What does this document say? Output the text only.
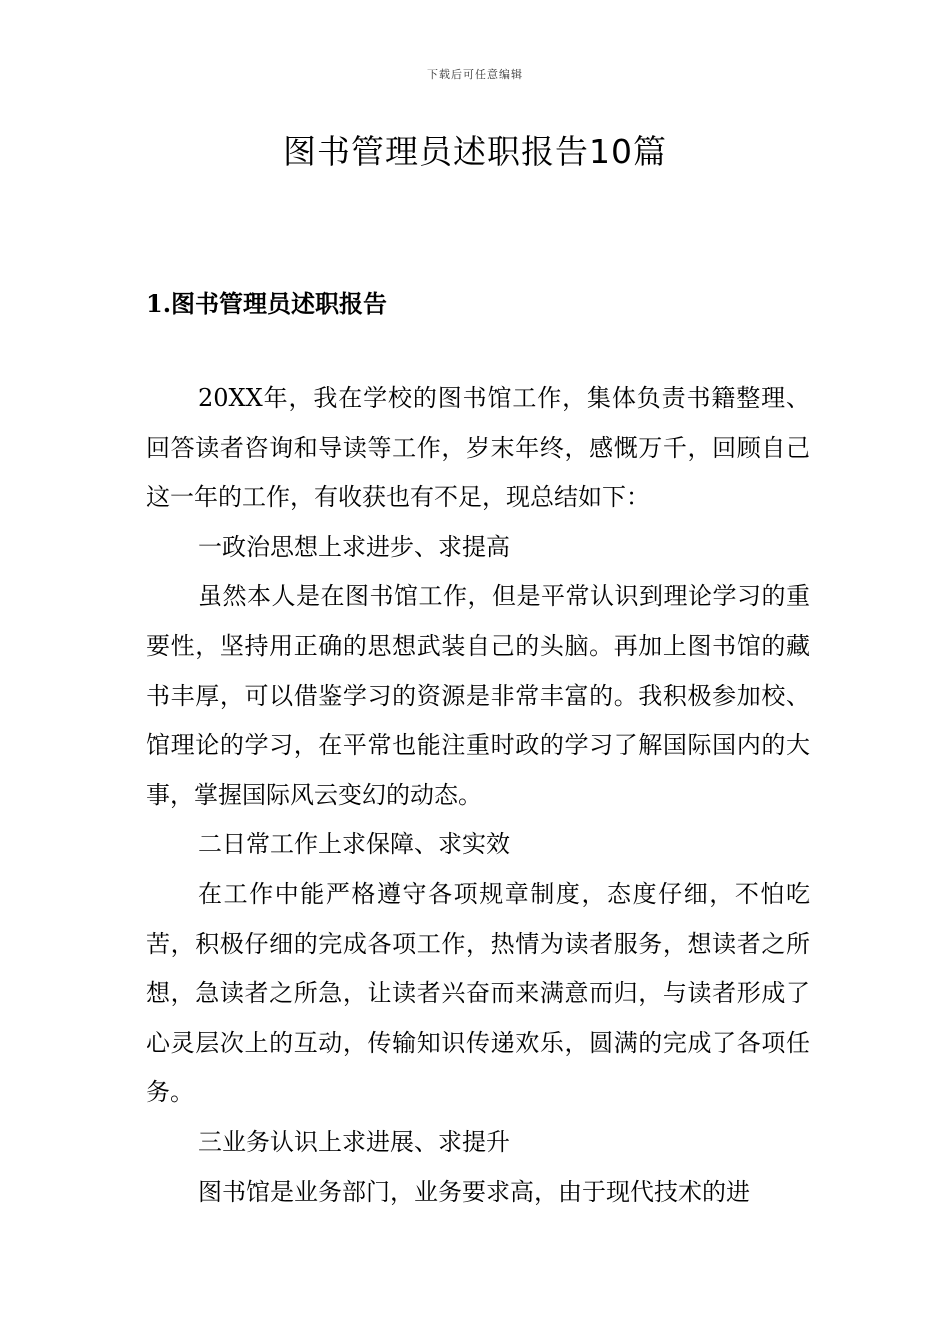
下载后可任意编辑
图书管理员述职报告10篇
1.图书管理员述职报告

20XX年，我在学校的图书馆工作，集体负责书籍整理、回答读者咨询和导读等工作，岁末年终，感慨万千，回顾自己这一年的工作，有收获也有不足，现总结如下：

一政治思想上求进步、求提高

虽然本人是在图书馆工作，但是平常认识到理论学习的重要性，坚持用正确的思想武装自己的头脑。再加上图书馆的藏书丰厚，可以借鉴学习的资源是非常丰富的。我积极参加校、馆理论的学习，在平常也能注重时政的学习了解国际国内的大事，掌握国际风云变幻的动态。

二日常工作上求保障、求实效

在工作中能严格遵守各项规章制度，态度仔细，不怕吃苦，积极仔细的完成各项工作，热情为读者服务，想读者之所想，急读者之所急，让读者兴奋而来满意而归，与读者形成了心灵层次上的互动，传输知识传递欢乐，圆满的完成了各项任务。

三业务认识上求进展、求提升

图书馆是业务部门，业务要求高，由于现代技术的进
